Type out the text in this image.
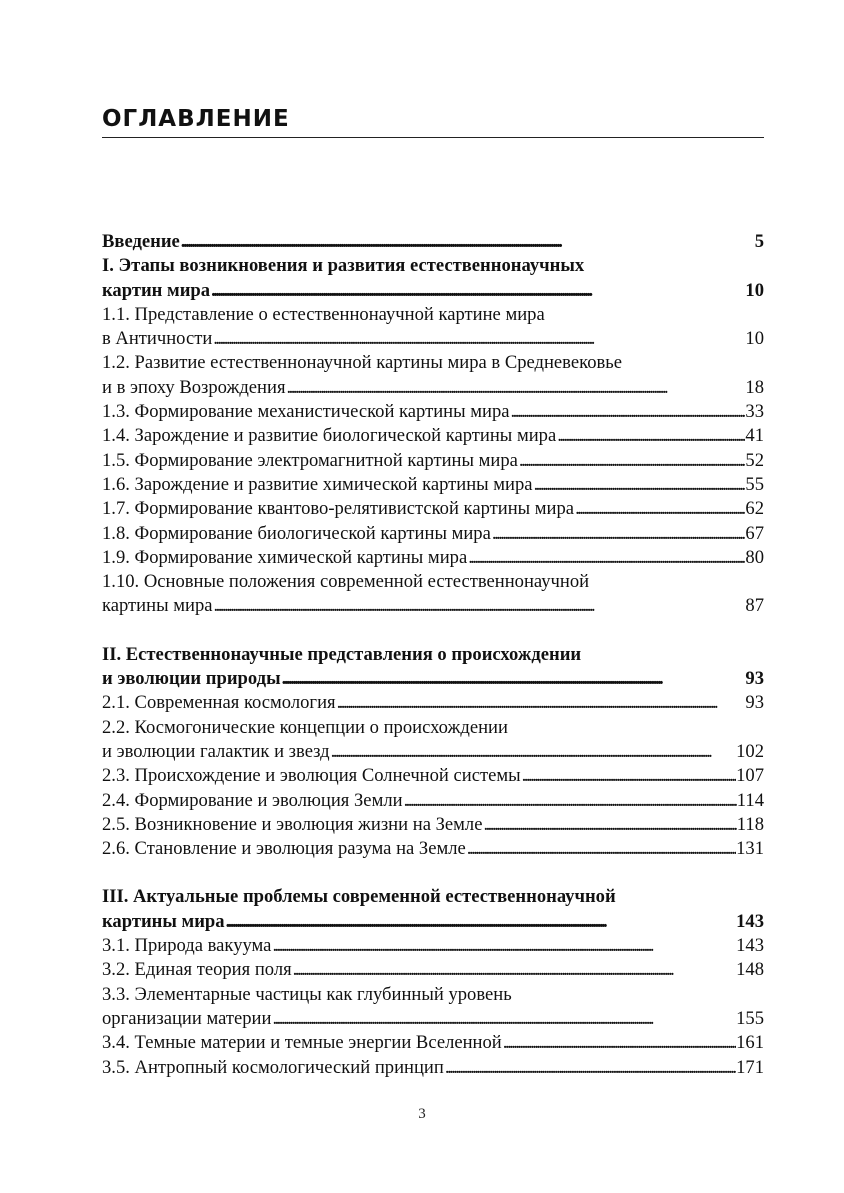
ОГЛАВЛЕНИЕ
Введение . . .	5
I. Этапы возникновения и развития естественнонаучных
картин мира . . .	10
1.1. Представление о естественнонаучной картине мира
в Античности . . .	10
1.2. Развитие естественнонаучной картины мира в Средневековье
и в эпоху Возрождения . . .	18
1.3. Формирование механистической картины мира . . .	33
1.4. Зарождение и развитие биологической картины мира . . .	41
1.5. Формирование электромагнитной картины мира . . .	52
1.6. Зарождение и развитие химической картины мира . . .	55
1.7. Формирование квантово-релятивистской картины мира . . .	62
1.8. Формирование биологической картины мира . . .	67
1.9. Формирование химической картины мира . . .	80
1.10. Основные положения современной естественнонаучной
картины мира . . .	87
II. Естественнонаучные представления о происхождении
и эволюции природы . . .	93
2.1. Современная космология . . .	93
2.2. Космогонические концепции о происхождении
и эволюции галактик и звезд . . .	102
2.3. Происхождение и эволюция Солнечной системы . . .	107
2.4. Формирование и эволюция Земли . . .	114
2.5. Возникновение и эволюция жизни на Земле . . .	118
2.6. Становление и эволюция разума на Земле . . .	131
III. Актуальные проблемы современной естественнонаучной
картины мира . . .	143
3.1. Природа вакуума . . .	143
3.2. Единая теория поля . . .	148
3.3. Элементарные частицы как глубинный уровень
организации материи . . .	155
3.4. Темные материи и темные энергии Вселенной . . .	161
3.5. Антропный космологический принцип . . .	171
3
